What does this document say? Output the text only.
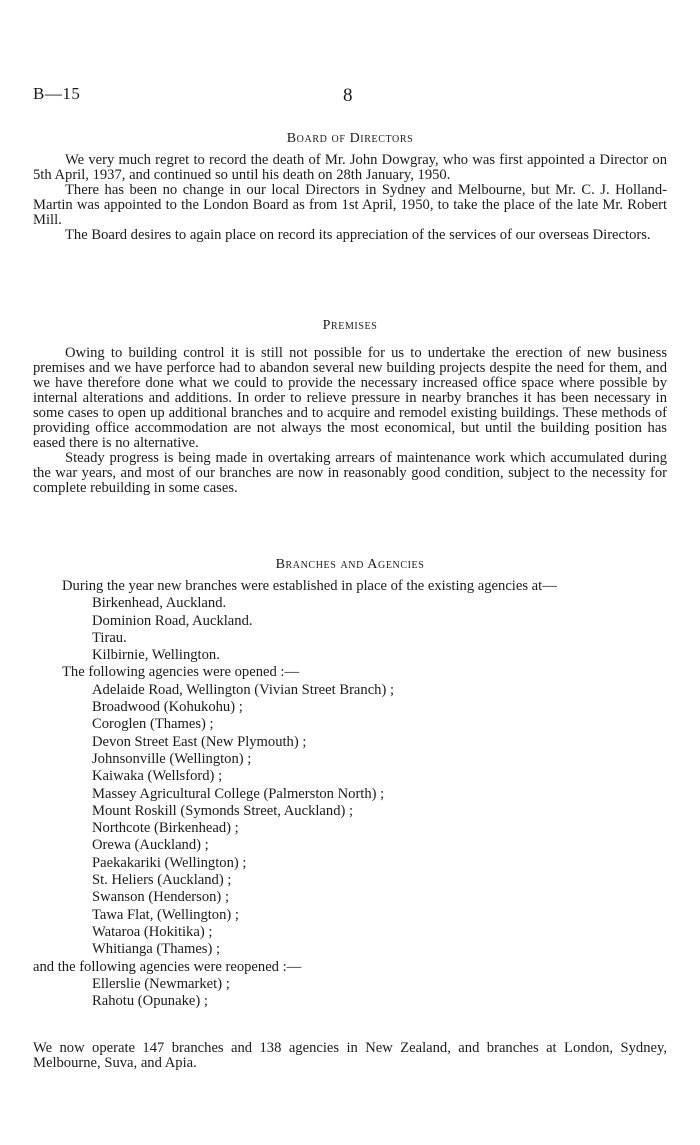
B—15	8
Board of Directors

We very much regret to record the death of Mr. John Dowgray, who was first appointed a Director on 5th April, 1937, and continued so until his death on 28th January, 1950.

There has been no change in our local Directors in Sydney and Melbourne, but Mr. C. J. Holland-Martin was appointed to the London Board as from 1st April, 1950, to take the place of the late Mr. Robert Mill.

The Board desires to again place on record its appreciation of the services of our overseas Directors.

Premises

Owing to building control it is still not possible for us to undertake the erection of new business premises and we have perforce had to abandon several new building projects despite the need for them, and we have therefore done what we could to provide the necessary increased office space where possible by internal alterations and additions. In order to relieve pressure in nearby branches it has been necessary in some cases to open up additional branches and to acquire and remodel existing buildings. These methods of providing office accommodation are not always the most economical, but until the building position has eased there is no alternative.

Steady progress is being made in overtaking arrears of maintenance work which accumulated during the war years, and most of our branches are now in reasonably good condition, subject to the necessity for complete rebuilding in some cases.

Branches and Agencies
During the year new branches were established in place of the existing agencies at—
Birkenhead, Auckland.
Dominion Road, Auckland.
Tirau.
Kilbirnie, Wellington.
The following agencies were opened :—
Adelaide Road, Wellington (Vivian Street Branch) ;
Broadwood (Kohukohu) ;
Coroglen (Thames) ;
Devon Street East (New Plymouth) ;
Johnsonville (Wellington) ;
Kaiwaka (Wellsford) ;
Massey Agricultural College (Palmerston North) ;
Mount Roskill (Symonds Street, Auckland) ;
Northcote (Birkenhead) ;
Orewa (Auckland) ;
Paekakariki (Wellington) ;
St. Heliers (Auckland) ;
Swanson (Henderson) ;
Tawa Flat, (Wellington) ;
Wataroa (Hokitika) ;
Whitianga (Thames) ;
and the following agencies were reopened :—
Ellerslie (Newmarket) ;
Rahotu (Opunake) ;

We now operate 147 branches and 138 agencies in New Zealand, and branches at London, Sydney, Melbourne, Suva, and Apia.
